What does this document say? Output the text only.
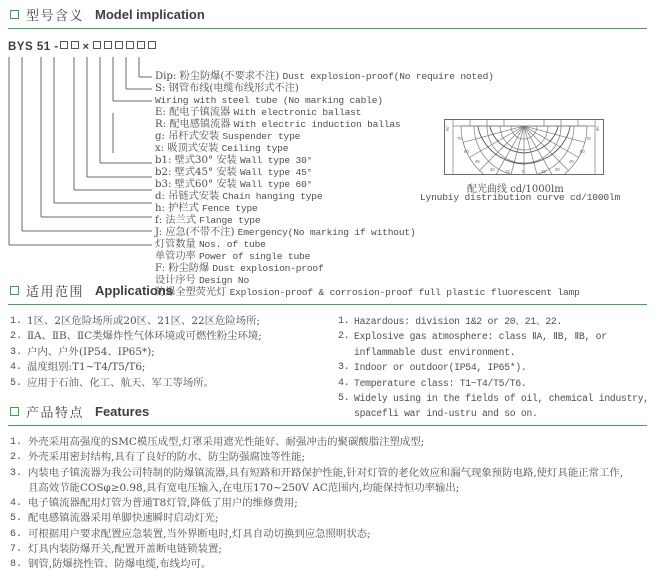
型号含义 Model implication
BYS 51 - ×
Dip: 粉尘防爆(不要求不注) Dust explosion-proof(No require noted)
S: 钢管布线(电缆布线形式不注)
Wiring with steel tube (No marking cable)
E: 配电子镇流器 With electronic ballast
R: 配电感镇流器 With electric induction ballas
g: 吊杆式安装 Suspender type
x: 吸顶式安装 Ceiling type
b1: 壁式30° 安装 Wall type 30°
b2: 壁式45° 安装 Wall type 45°
b3: 壁式60° 安装 Wall type 60°
d: 吊链式安装 Chain hanging type
h: 护栏式 Fence type
f: 法兰式 Flange type
J: 应急(不带不注) Emergency(No marking if without)
灯管数量 Nos. of tube
单管功率 Power of single tube
F: 粉尘防爆 Dust explosion-proof
设计序号 Design No
防爆全塑荧光灯 Explosion-proof & corrosion-proof full plastic fluorescent lamp
90	90
75	75
60	60
45	45
30	30
15	15
0
配光曲线 cd/1000lm
Lynubiy distribution curve cd/1000lm
适用范围 Applications
1. 1区、2区危险场所或20区、21区、22区危险场所;
2. ⅡA、ⅡB、ⅡC类爆炸性气体环境或可燃性粉尘环境;
3. 户内、户外(IP54、IP65*);
4. 温度组别:T1~T4/T5/T6;
5. 应用于石油、化工、航天、军工等场所。
1. Hazardous: division 1&2 or 20、21、22.
2. Explosive gas atmosphere: class ⅡA, ⅡB, ⅡB, or inflammable dust environment.
3. Indoor or outdoor(IP54, IP65*).
4. Temperature class: T1~T4/T5/T6.
5. Widely using in the fields of oil, chemical industry, spacefli war ind-ustru and so on.
产品特点 Features
1. 外壳采用高强度的SMC模压成型,灯罩采用遮光性能好、耐强冲击的聚碳酸脂注塑成型;
2. 外壳采用密封结构,具有了良好的防水、防尘防强腐蚀等性能;
3. 内装电子镇流器为我公司特制的防爆镇流器,具有短路和开路保护性能,针对灯管的老化效应和漏气现象预防电路,使灯具能正常工作,
且高效节能COSφ≥0.98,具有宽电压输入,在电压170~250V AC范围内,均能保持恒功率输出;
4. 电子镇流器配用灯管为普通T8灯管,降低了用户的维修费用;
5. 配电感镇流器采用单脚快速瞬时启动灯光;
6. 可根据用户要求配置应急装置,当外界断电时,灯具自动切换到应急照明状态;
7. 灯具内装防爆开关,配置开盖断电链锁装置;
8. 钢管,防爆挠性管、防爆电缆,布线均可。
